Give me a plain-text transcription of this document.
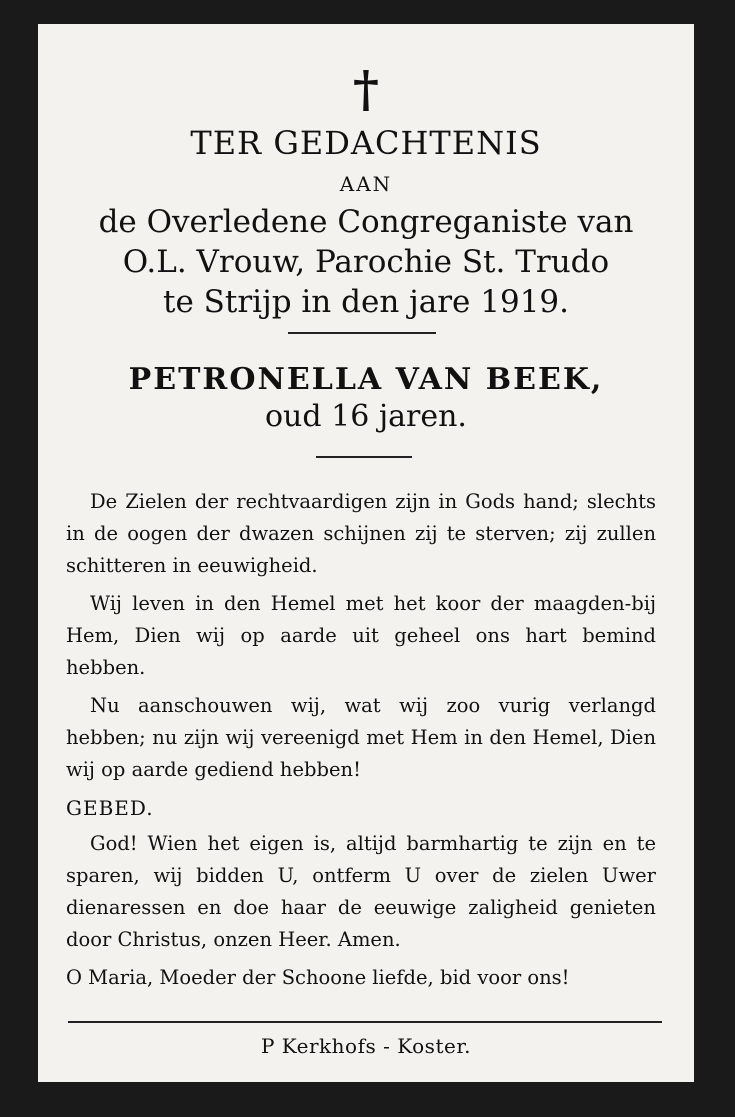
†
TER GEDACHTENIS
AAN
de Overledene Congreganiste van
O.L. Vrouw, Parochie St. Trudo
te Strijp in den jare 1919.
PETRONELLA VAN BEEK,
oud 16 jaren.

De Zielen der rechtvaardigen zijn in Gods hand; slechts in de oogen der dwazen schijnen zij te sterven; zij zullen schitteren in eeuwigheid.

Wij leven in den Hemel met het koor der maagden-bij Hem, Dien wij op aarde uit geheel ons hart bemind hebben.

Nu aanschouwen wij, wat wij zoo vurig verlangd hebben; nu zijn wij vereenigd met Hem in den Hemel, Dien wij op aarde gediend hebben!

GEBED.

God! Wien het eigen is, altijd barmhartig te zijn en te sparen, wij bidden U, ontferm U over de zielen Uwer dienaressen en doe haar de eeuwige zaligheid genieten door Christus, onzen Heer. Amen.

O Maria, Moeder der Schoone liefde, bid voor ons!

P Kerkhofs - Koster.
